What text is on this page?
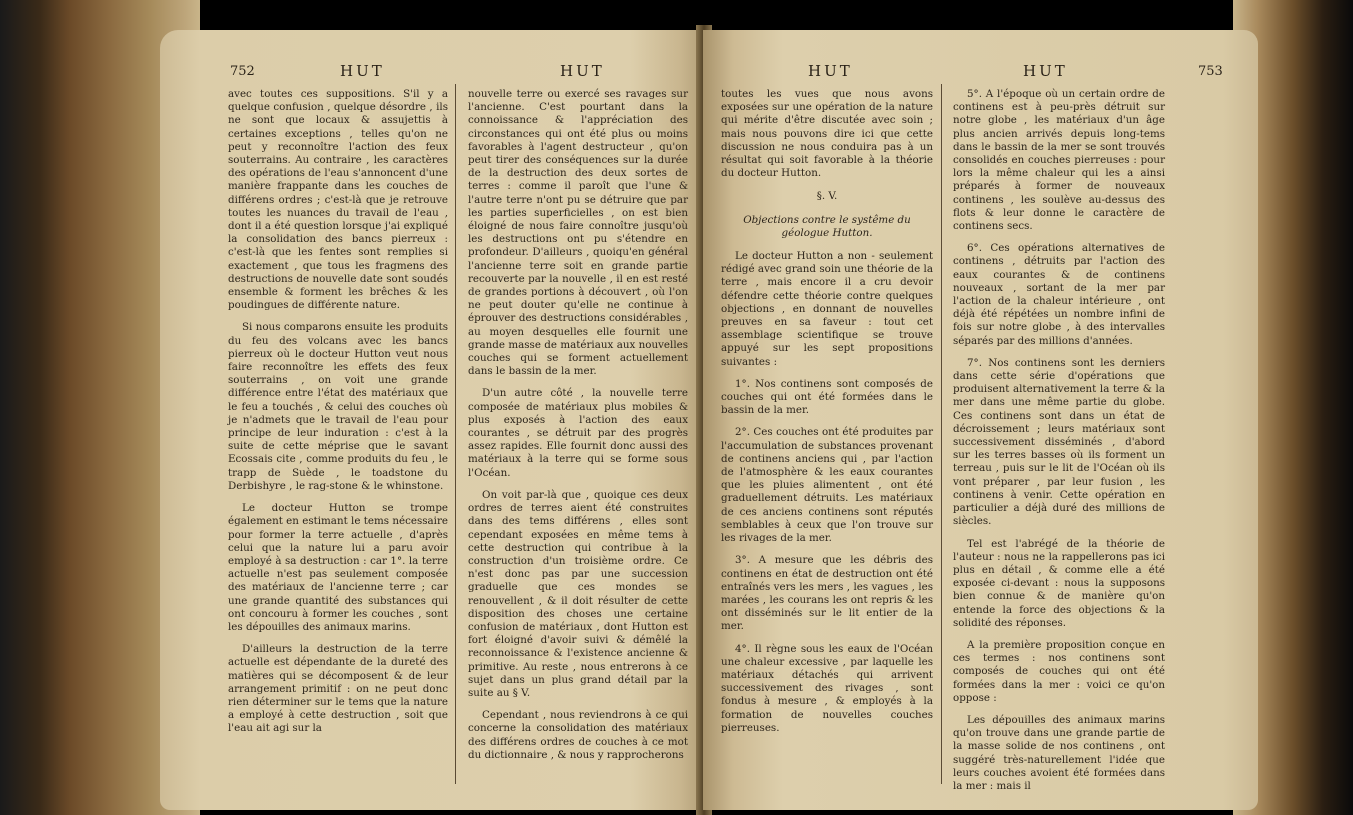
752	HUT	HUT

avec toutes ces suppositions. S'il y a quelque confusion , quelque désordre , ils ne sont que locaux & assujettis à certaines exceptions , telles qu'on ne peut y reconnoître l'action des feux souterrains. Au contraire , les caractères des opérations de l'eau s'annoncent d'une manière frappante dans les couches de différens ordres ; c'est-là que je retrouve toutes les nuances du travail de l'eau , dont il a été question lorsque j'ai expliqué la consolidation des bancs pierreux : c'est-là que les fentes sont remplies si exactement , que tous les fragmens des destructions de nouvelle date sont soudés ensemble & forment les brêches & les poudingues de différente nature.

Si nous comparons ensuite les produits du feu des volcans avec les bancs pierreux où le docteur Hutton veut nous faire reconnoître les effets des feux souterrains , on voit une grande différence entre l'état des matériaux que le feu a touchés , & celui des couches où je n'admets que le travail de l'eau pour principe de leur induration : c'est à la suite de cette méprise que le savant Ecossais cite , comme produits du feu , le trapp de Suède , le toadstone du Derbishyre , le rag-stone & le whinstone.

Le docteur Hutton se trompe également en estimant le tems nécessaire pour former la terre actuelle , d'après celui que la nature lui a paru avoir employé à sa destruction : car 1°. la terre actuelle n'est pas seulement composée des matériaux de l'ancienne terre ; car une grande quantité des substances qui ont concouru à former les couches , sont les dépouilles des animaux marins.

D'ailleurs la destruction de la terre actuelle est dépendante de la dureté des matières qui se décomposent & de leur arrangement primitif : on ne peut donc rien déterminer sur le tems que la nature a employé à cette destruction , soit que l'eau ait agi sur la

nouvelle terre ou exercé ses ravages sur l'ancienne. C'est pourtant dans la connoissance & l'appréciation des circonstances qui ont été plus ou moins favorables à l'agent destructeur , qu'on peut tirer des conséquences sur la durée de la destruction des deux sortes de terres : comme il paroît que l'une & l'autre terre n'ont pu se détruire que par les parties superficielles , on est bien éloigné de nous faire connoître jusqu'où les destructions ont pu s'étendre en profondeur. D'ailleurs , quoiqu'en général l'ancienne terre soit en grande partie recouverte par la nouvelle , il en est resté de grandes portions à découvert , où l'on ne peut douter qu'elle ne continue à éprouver des destructions considérables , au moyen desquelles elle fournit une grande masse de matériaux aux nouvelles couches qui se forment actuellement dans le bassin de la mer.

D'un autre côté , la nouvelle terre composée de matériaux plus mobiles & plus exposés à l'action des eaux courantes , se détruit par des progrès assez rapides. Elle fournit donc aussi des matériaux à la terre qui se forme sous l'Océan.

On voit par-là que , quoique ces deux ordres de terres aient été construites dans des tems différens , elles sont cependant exposées en même tems à cette destruction qui contribue à la construction d'un troisième ordre. Ce n'est donc pas par une succession graduelle que ces mondes se renouvellent , & il doit résulter de cette disposition des choses une certaine confusion de matériaux , dont Hutton est fort éloigné d'avoir suivi & démêlé la reconnoissance & l'existence ancienne & primitive. Au reste , nous entrerons à ce sujet dans un plus grand détail par la suite au § V.

Cependant , nous reviendrons à ce qui concerne la consolidation des matériaux des différens ordres de couches à ce mot du dictionnaire , & nous y rapprocherons

HUT	HUT	753

toutes les vues que nous avons exposées sur une opération de la nature qui mérite d'être discutée avec soin ; mais nous pouvons dire ici que cette discussion ne nous conduira pas à un résultat qui soit favorable à la théorie du docteur Hutton.

§. V.
Objections contre le systême du géologue Hutton.

Le docteur Hutton a non - seulement rédigé avec grand soin une théorie de la terre , mais encore il a cru devoir défendre cette théorie contre quelques objections , en donnant de nouvelles preuves en sa faveur : tout cet assemblage scientifique se trouve appuyé sur les sept propositions suivantes :

1°. Nos continens sont composés de couches qui ont été formées dans le bassin de la mer.

2°. Ces couches ont été produites par l'accumulation de substances provenant de continens anciens qui , par l'action de l'atmosphère & les eaux courantes que les pluies alimentent , ont été graduellement détruits. Les matériaux de ces anciens continens sont réputés semblables à ceux que l'on trouve sur les rivages de la mer.

3°. A mesure que les débris des continens en état de destruction ont été entraînés vers les mers , les vagues , les marées , les courans les ont repris & les ont disséminés sur le lit entier de la mer.

4°. Il règne sous les eaux de l'Océan une chaleur excessive , par laquelle les matériaux détachés qui arrivent successivement des rivages , sont fondus à mesure , & employés à la formation de nouvelles couches pierreuses.

5°. A l'époque où un certain ordre de continens est à peu-près détruit sur notre globe , les matériaux d'un âge plus ancien arrivés depuis long-tems dans le bassin de la mer se sont trouvés consolidés en couches pierreuses : pour lors la même chaleur qui les a ainsi préparés à former de nouveaux continens , les soulève au-dessus des flots & leur donne le caractère de continens secs.

6°. Ces opérations alternatives de continens , détruits par l'action des eaux courantes & de continens nouveaux , sortant de la mer par l'action de la chaleur intérieure , ont déjà été répétées un nombre infini de fois sur notre globe , à des intervalles séparés par des millions d'années.

7°. Nos continens sont les derniers dans cette série d'opérations que produisent alternativement la terre & la mer dans une même partie du globe. Ces continens sont dans un état de décroissement ; leurs matériaux sont successivement disséminés , d'abord sur les terres basses où ils forment un terreau , puis sur le lit de l'Océan où ils vont préparer , par leur fusion , les continens à venir. Cette opération en particulier a déjà duré des millions de siècles.

Tel est l'abrégé de la théorie de l'auteur : nous ne la rappellerons pas ici plus en détail , & comme elle a été exposée ci-devant : nous la supposons bien connue & de manière qu'on entende la force des objections & la solidité des réponses.

A la première proposition conçue en ces termes : nos continens sont composés de couches qui ont été formées dans la mer : voici ce qu'on oppose :

Les dépouilles des animaux marins qu'on trouve dans une grande partie de la masse solide de nos continens , ont suggéré très-naturellement l'idée que leurs couches avoient été formées dans la mer : mais il
